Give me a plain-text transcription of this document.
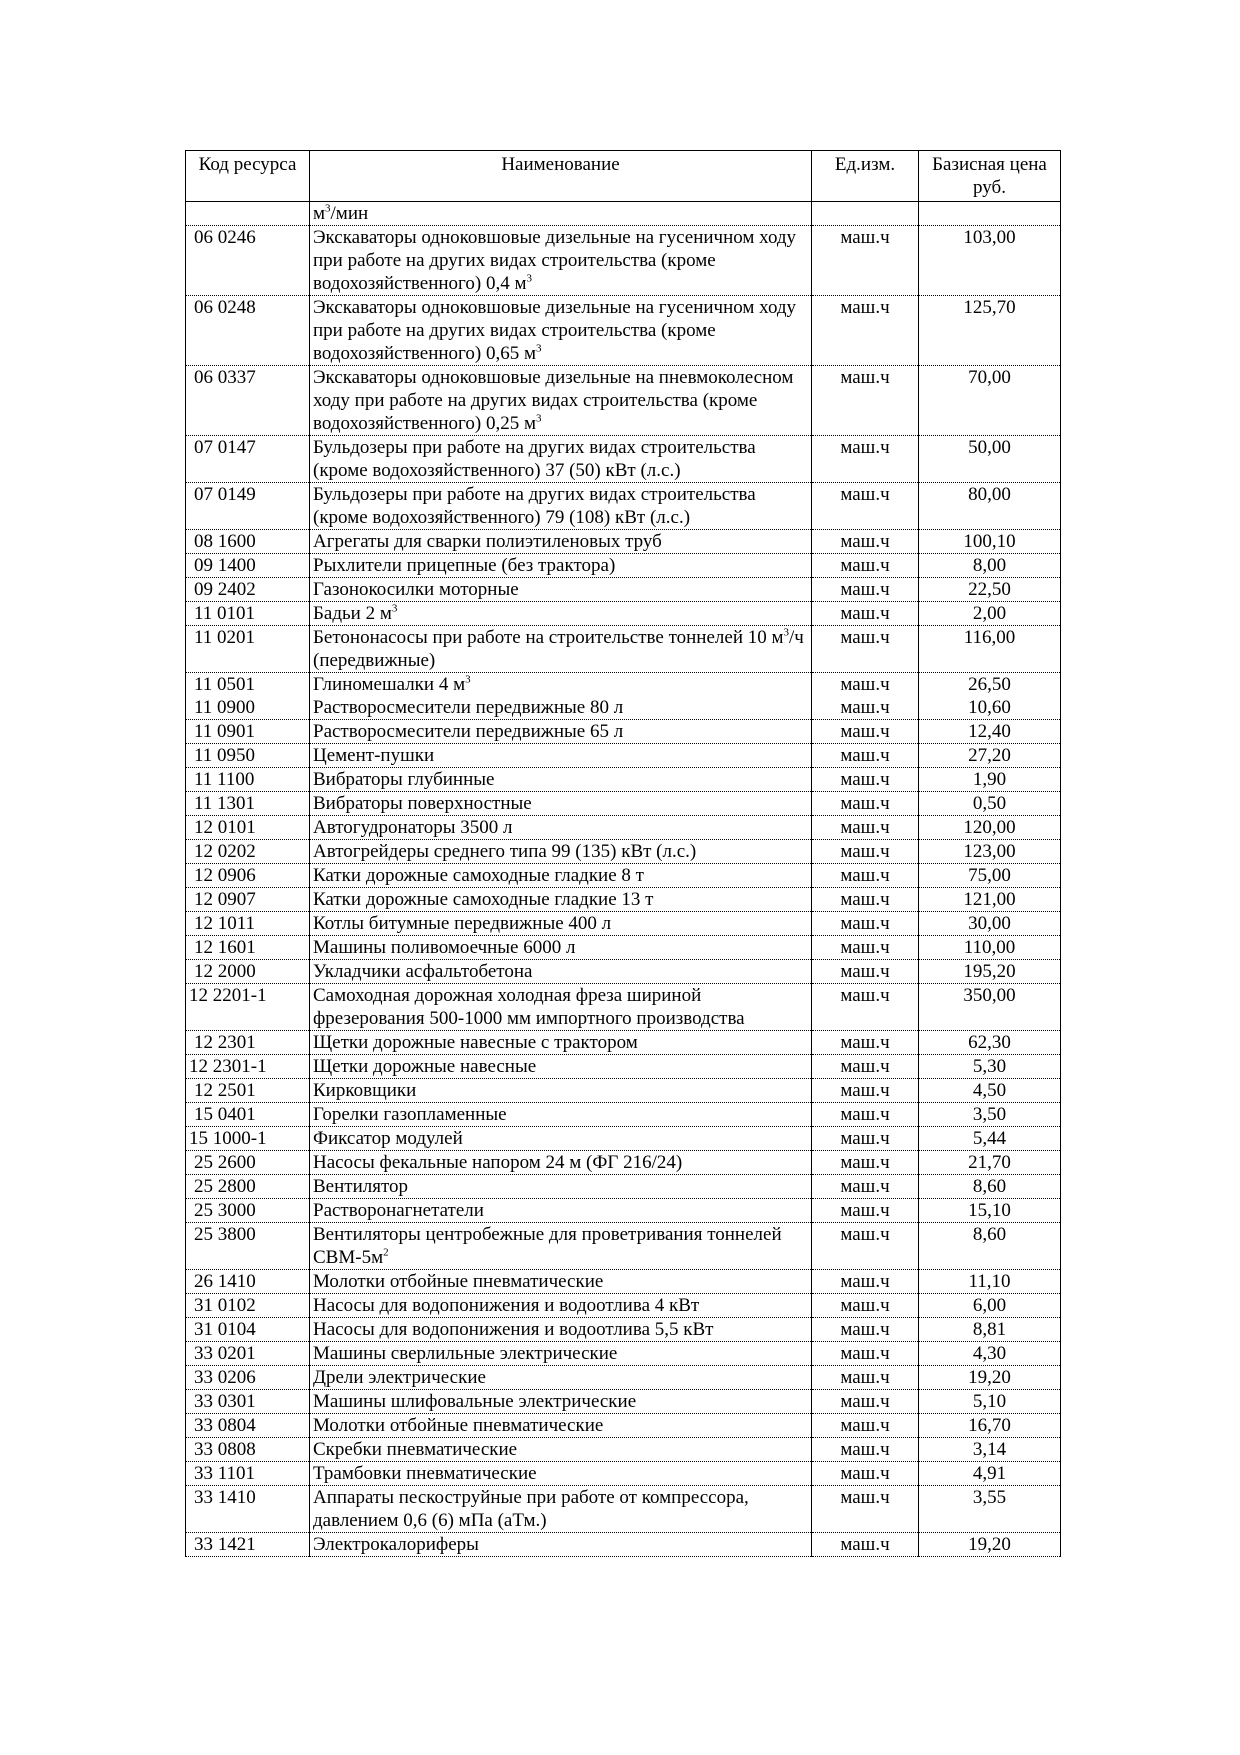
Код ресурса	Наименование	Ед.изм.	Базисная цена руб.
	$м^3$/мин		
06 0246	Экскаваторы одноковшовые дизельные на гусеничном ходу при работе на других видах строительства (кроме водохозяйственного) 0,4 $м^3$	маш.ч	103,00
06 0248	Экскаваторы одноковшовые дизельные на гусеничном ходу при работе на других видах строительства (кроме водохозяйственного) 0,65 $м^3$	маш.ч	125,70
06 0337	Экскаваторы одноковшовые дизельные на пневмоколесном ходу при работе на других видах строительства (кроме водохозяйственного) 0,25 $м^3$	маш.ч	70,00
07 0147	Бульдозеры при работе на других видах строительства (кроме водохозяйственного) 37 (50) кВт (л.с.)	маш.ч	50,00
07 0149	Бульдозеры при работе на других видах строительства (кроме водохозяйственного) 79 (108) кВт (л.с.)	маш.ч	80,00
08 1600	Агрегаты для сварки полиэтиленовых труб	маш.ч	100,10
09 1400	Рыхлители прицепные (без трактора)	маш.ч	8,00
09 2402	Газонокосилки моторные	маш.ч	22,50
11 0101	Бадьи 2 $м^3$	маш.ч	2,00
11 0201	Бетононасосы при работе на строительстве тоннелей 10 $м^3/ч$ (передвижные)	маш.ч	116,00
11 0501	Глиномешалки 4 $м^3$	маш.ч	26,50
11 0900	Растворосмесители передвижные 80 л	маш.ч	10,60
11 0901	Растворосмесители передвижные 65 л	маш.ч	12,40
11 0950	Цемент-пушки	маш.ч	27,20
11 1100	Вибраторы глубинные	маш.ч	1,90
11 1301	Вибраторы поверхностные	маш.ч	0,50
12 0101	Автогудронаторы 3500 л	маш.ч	120,00
12 0202	Автогрейдеры среднего типа 99 (135) кВт (л.с.)	маш.ч	123,00
12 0906	Катки дорожные самоходные гладкие 8 т	маш.ч	75,00
12 0907	Катки дорожные самоходные гладкие 13 т	маш.ч	121,00
12 1011	Котлы битумные передвижные 400 л	маш.ч	30,00
12 1601	Машины поливомоечные 6000 л	маш.ч	110,00
12 2000	Укладчики асфальтобетона	маш.ч	195,20
12 2201-1	Самоходная дорожная холодная фреза шириной фрезерования 500-1000 мм импортного производства	маш.ч	350,00
12 2301	Щетки дорожные навесные с трактором	маш.ч	62,30
12 2301-1	Щетки дорожные навесные	маш.ч	5,30
12 2501	Кирковщики	маш.ч	4,50
15 0401	Горелки газопламенные	маш.ч	3,50
15 1000-1	Фиксатор модулей	маш.ч	5,44
25 2600	Насосы фекальные напором 24 м (ФГ 216/24)	маш.ч	21,70
25 2800	Вентилятор	маш.ч	8,60
25 3000	Растворонагнетатели	маш.ч	15,10
25 3800	Вентиляторы центробежные для проветривания тоннелей СВМ-$5м^2$	маш.ч	8,60
26 1410	Молотки отбойные пневматические	маш.ч	11,10
31 0102	Насосы для водопонижения и водоотлива 4 кВт	маш.ч	6,00
31 0104	Насосы для водопонижения и водоотлива 5,5 кВт	маш.ч	8,81
33 0201	Машины сверлильные электрические	маш.ч	4,30
33 0206	Дрели электрические	маш.ч	19,20
33 0301	Машины шлифовальные электрические	маш.ч	5,10
33 0804	Молотки отбойные пневматические	маш.ч	16,70
33 0808	Скребки пневматические	маш.ч	3,14
33 1101	Трамбовки пневматические	маш.ч	4,91
33 1410	Аппараты пескоструйные при работе от компрессора, давлением 0,6 (6) мПа (аТм.)	маш.ч	3,55
33 1421	Электрокалориферы	маш.ч	19,20
